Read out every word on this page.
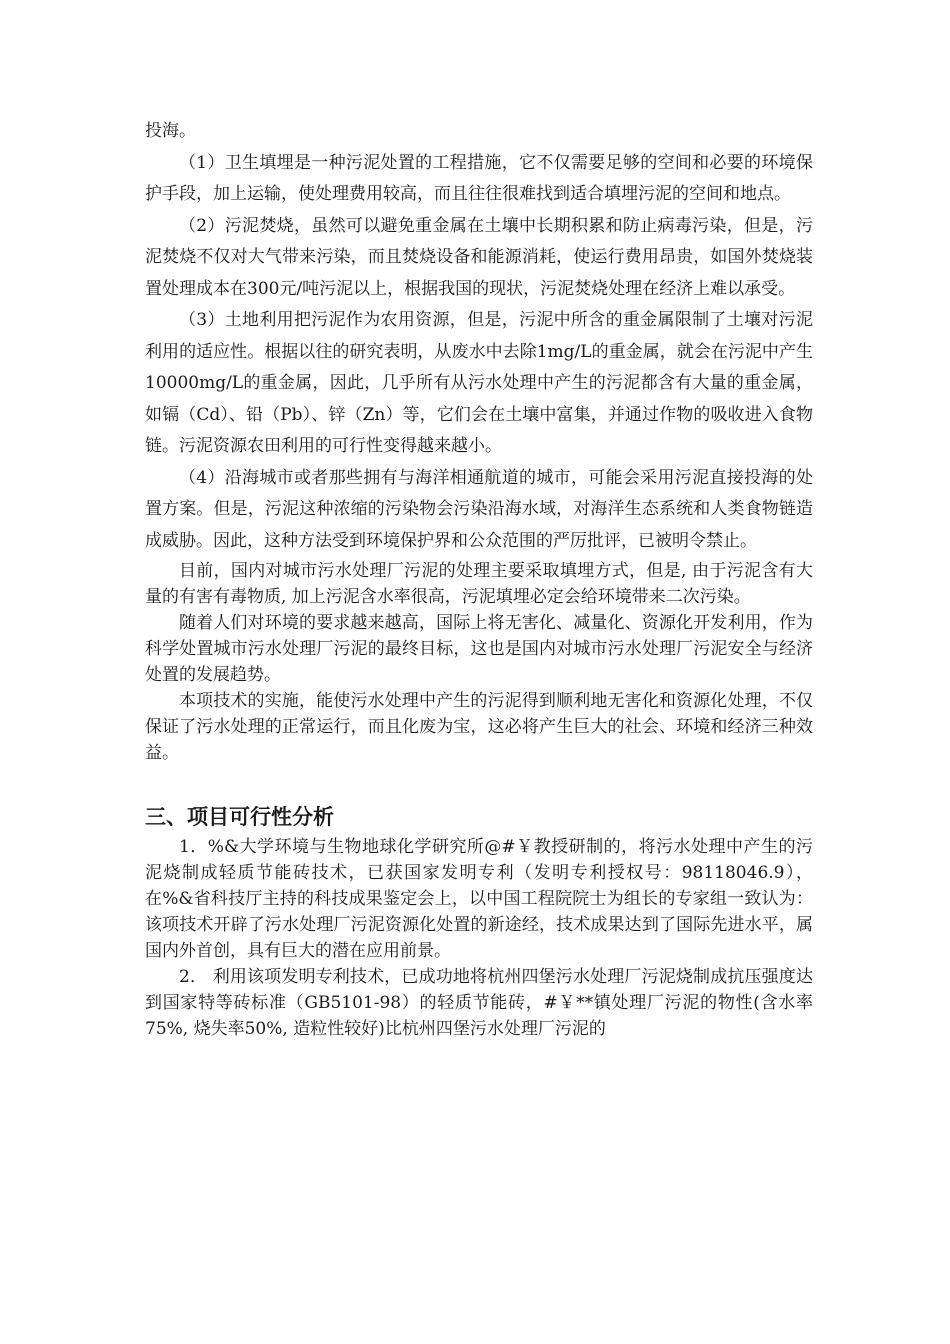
投海。

（1）卫生填埋是一种污泥处置的工程措施，它不仅需要足够的空间和必要的环境保护手段，加上运输，使处理费用较高，而且往往很难找到适合填埋污泥的空间和地点。

（2）污泥焚烧，虽然可以避免重金属在土壤中长期积累和防止病毒污染，但是，污泥焚烧不仅对大气带来污染，而且焚烧设备和能源消耗，使运行费用昂贵，如国外焚烧装置处理成本在300元/吨污泥以上，根据我国的现状，污泥焚烧处理在经济上难以承受。

（3）土地利用把污泥作为农用资源，但是，污泥中所含的重金属限制了土壤对污泥利用的适应性。根据以往的研究表明，从废水中去除1mg/L的重金属，就会在污泥中产生10000mg/L的重金属，因此，几乎所有从污水处理中产生的污泥都含有大量的重金属，如镉（Cd）、铅（Pb）、锌（Zn）等，它们会在土壤中富集，并通过作物的吸收进入食物链。污泥资源农田利用的可行性变得越来越小。

（4）沿海城市或者那些拥有与海洋相通航道的城市，可能会采用污泥直接投海的处置方案。但是，污泥这种浓缩的污染物会污染沿海水域，对海洋生态系统和人类食物链造成威胁。因此，这种方法受到环境保护界和公众范围的严厉批评，已被明令禁止。

目前，国内对城市污水处理厂污泥的处理主要采取填埋方式，但是, 由于污泥含有大量的有害有毒物质, 加上污泥含水率很高，污泥填埋必定会给环境带来二次污染。

随着人们对环境的要求越来越高，国际上将无害化、减量化、资源化开发利用，作为科学处置城市污水处理厂污泥的最终目标，这也是国内对城市污水处理厂污泥安全与经济处置的发展趋势。

本项技术的实施，能使污水处理中产生的污泥得到顺利地无害化和资源化处理，不仅保证了污水处理的正常运行，而且化废为宝，这必将产生巨大的社会、环境和经济三种效益。

三、项目可行性分析

1．%&大学环境与生物地球化学研究所@#￥教授研制的，将污水处理中产生的污泥烧制成轻质节能砖技术，已获国家发明专利（发明专利授权号：98118046.9），在%&省科技厅主持的科技成果鉴定会上，以中国工程院院士为组长的专家组一致认为：该项技术开辟了污水处理厂污泥资源化处置的新途经，技术成果达到了国际先进水平，属国内外首创，具有巨大的潜在应用前景。

2． 利用该项发明专利技术，已成功地将杭州四堡污水处理厂污泥烧制成抗压强度达到国家特等砖标准（GB5101-98）的轻质节能砖，#￥**镇处理厂污泥的物性(含水率75%, 烧失率50%, 造粒性较好)比杭州四堡污水处理厂污泥的
